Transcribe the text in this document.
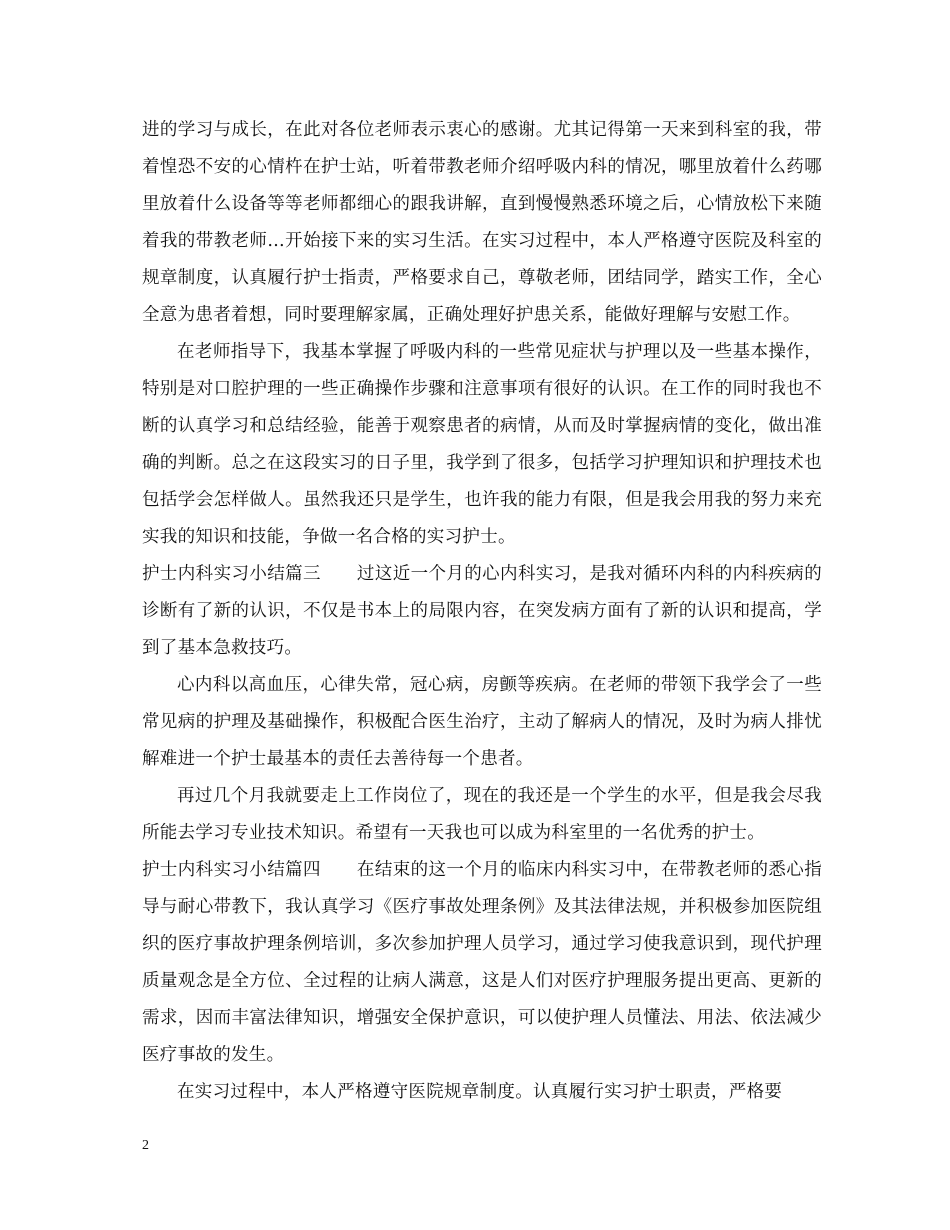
进的学习与成长，在此对各位老师表示衷心的感谢。尤其记得第一天来到科室的我，带着惶恐不安的心情杵在护士站，听着带教老师介绍呼吸内科的情况，哪里放着什么药哪里放着什么设备等等老师都细心的跟我讲解，直到慢慢熟悉环境之后，心情放松下来随着我的带教老师…开始接下来的实习生活。在实习过程中，本人严格遵守医院及科室的规章制度，认真履行护士指责，严格要求自己，尊敬老师，团结同学，踏实工作，全心全意为患者着想，同时要理解家属，正确处理好护患关系，能做好理解与安慰工作。

在老师指导下，我基本掌握了呼吸内科的一些常见症状与护理以及一些基本操作，特别是对口腔护理的一些正确操作步骤和注意事项有很好的认识。在工作的同时我也不断的认真学习和总结经验，能善于观察患者的病情，从而及时掌握病情的变化，做出准确的判断。总之在这段实习的日子里，我学到了很多，包括学习护理知识和护理技术也包括学会怎样做人。虽然我还只是学生，也许我的能力有限，但是我会用我的努力来充实我的知识和技能，争做一名合格的实习护士。

护士内科实习小结篇三 过这近一个月的心内科实习，是我对循环内科的内科疾病的诊断有了新的认识，不仅是书本上的局限内容，在突发病方面有了新的认识和提高，学到了基本急救技巧。

心内科以高血压，心律失常，冠心病，房颤等疾病。在老师的带领下我学会了一些常见病的护理及基础操作，积极配合医生治疗，主动了解病人的情况，及时为病人排忧解难进一个护士最基本的责任去善待每一个患者。

再过几个月我就要走上工作岗位了，现在的我还是一个学生的水平，但是我会尽我所能去学习专业技术知识。希望有一天我也可以成为科室里的一名优秀的护士。

护士内科实习小结篇四 在结束的这一个月的临床内科实习中，在带教老师的悉心指导与耐心带教下，我认真学习《医疗事故处理条例》及其法律法规，并积极参加医院组织的医疗事故护理条例培训，多次参加护理人员学习，通过学习使我意识到，现代护理质量观念是全方位、全过程的让病人满意，这是人们对医疗护理服务提出更高、更新的需求，因而丰富法律知识，增强安全保护意识，可以使护理人员懂法、用法、依法减少医疗事故的发生。

在实习过程中，本人严格遵守医院规章制度。认真履行实习护士职责，严格要

2
